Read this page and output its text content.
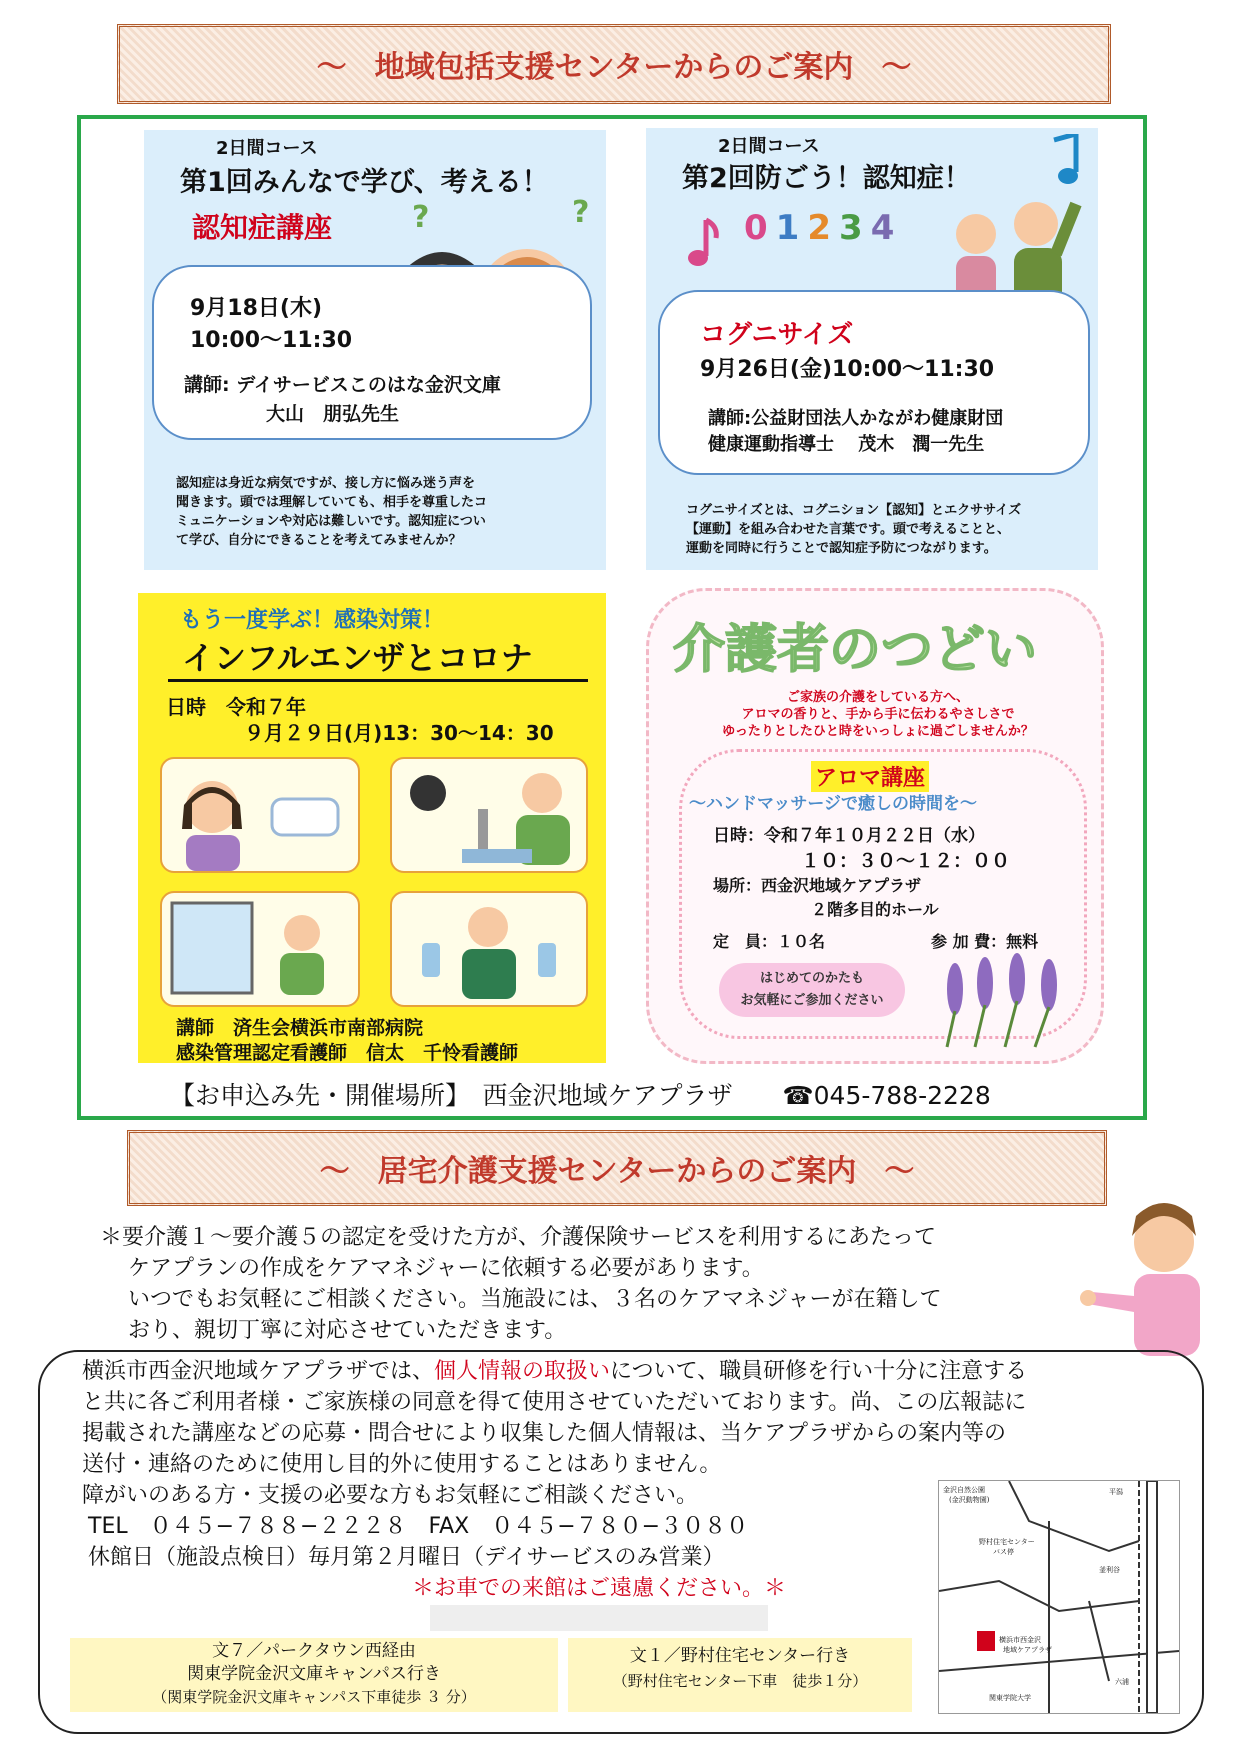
～ 地域包括支援センターからのご案内 ～
2日間コース
第1回みんなで学び、考える！
認知症講座	?	?
9月18日(木)
10:00～11:30
講師: デイサービスこのはな金沢文庫
大山　朋弘先生
認知症は身近な病気ですが、接し方に悩み迷う声を
聞きます。頭では理解していても、相手を尊重したコ
ミュニケーションや対応は難しいです。認知症につい
て学び、自分にできることを考えてみませんか？
2日間コース
第2回防ごう！認知症！
01234
コグニサイズ
9月26日(金)10:00～11:30
講師:公益財団法人かながわ健康財団
健康運動指導士　 茂木　潤一先生
コグニサイズとは、コグニション【認知】とエクササイズ
【運動】を組み合わせた言葉です。頭で考えることと、
運動を同時に行うことで認知症予防につながります。
もう一度学ぶ！感染対策！
インフルエンザとコロナ
日時　令和７年
９月２９日(月)13：30～14：30
講師　済生会横浜市南部病院
感染管理認定看護師　信太　千怜看護師
介護者のつどい
ご家族の介護をしている方へ、
アロマの香りと、手から手に伝わるやさしさで
ゆったりとしたひと時をいっしょに過ごしませんか？
アロマ講座
～ハンドマッサージで癒しの時間を～
日時：令和７年１０月２２日（水）
１０：３０～１２：００
場所：西金沢地域ケアプラザ
２階多目的ホール
定　員：１０名	参 加 費：無料
はじめてのかたも
お気軽にご参加ください
【お申込み先・開催場所】　西金沢地域ケアプラザ　　☎045-788-2228
～ 居宅介護支援センターからのご案内 ～
＊要介護１～要介護５の認定を受けた方が、介護保険サービスを利用するにあたって
ケアプランの作成をケアマネジャーに依頼する必要があります。
いつでもお気軽にご相談ください。当施設には、３名のケアマネジャーが在籍して
おり、親切丁寧に対応させていただきます。
横浜市西金沢地域ケアプラザでは、個人情報の取扱いについて、職員研修を行い十分に注意する
と共に各ご利用者様・ご家族様の同意を得て使用させていただいております。尚、この広報誌に
掲載された講座などの応募・問合せにより収集した個人情報は、当ケアプラザからの案内等の
送付・連絡のために使用し目的外に使用することはありません。
障がいのある方・支援の必要な方もお気軽にご相談ください。
TEL　０４５−７８８−２２２８　FAX　０４５−７８０−３０８０
休館日（施設点検日）毎月第２月曜日（デイサービスのみ営業）
＊お車での来館はご遠慮ください。＊
文７／パークタウン西経由
関東学院金沢文庫キャンパス行き
（関東学院金沢文庫キャンパス下車徒歩 ３ 分）
文１／野村住宅センター行き
（野村住宅センター下車　徒歩１分）
金沢自然公園
(金沢動物園)
野村住宅センター
バス停
横浜市西金沢
地域ケアプラザ
関東学院大学
平潟
釜利谷
六浦
